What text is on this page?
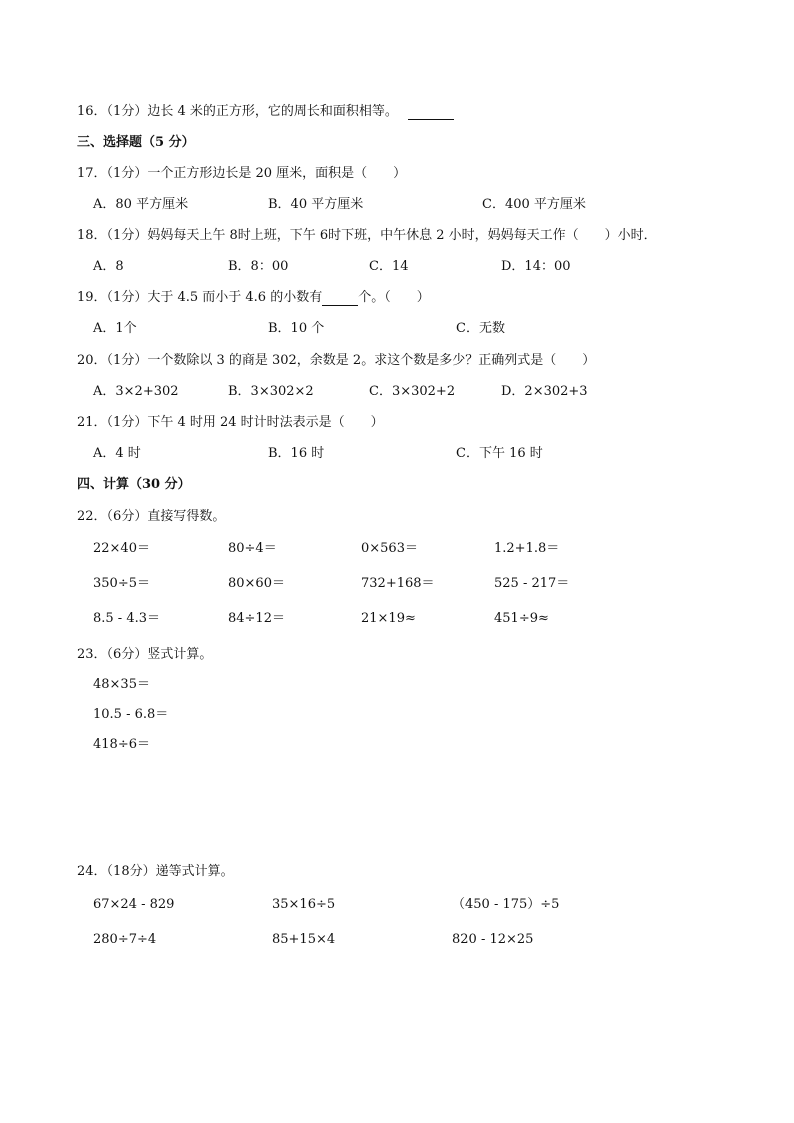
16．（1分）边长 4 米的正方形，它的周长和面积相等。
三、选择题（5 分）
17．（1分）一个正方形边长是 20 厘米，面积是（　　）
A．80 平方厘米	B．40 平方厘米	C．400 平方厘米
18．（1分）妈妈每天上午 8时上班，下午 6时下班，中午休息 2 小时，妈妈每天工作（　　）小时．
A．8	B．8：00	C．14	D．14：00
19．（1分）大于 4.5 而小于 4.6 的小数有	个。（　　）
A．1个	B．10 个	C．无数
20．（1分）一个数除以 3 的商是 302，余数是 2。求这个数是多少？正确列式是（　　）
A．3×2+302	B．3×302×2	C．3×302+2	D．2×302+3
21．（1分）下午 4 时用 24 时计时法表示是（　　）
A．4 时	B．16 时	C．下午 16 时
四、计算（30 分）
22．（6分）直接写得数。
22×40＝	80÷4＝	0×563＝	1.2+1.8＝
350÷5＝	80×60＝	732+168＝	525 - 217＝
8.5 - 4.3＝	84÷12＝	21×19≈	451÷9≈
23．（6分）竖式计算。
48×35＝
10.5 - 6.8＝
418÷6＝
24．（18分）递等式计算。
67×24 - 829	35×16÷5	（450 - 175）÷5
280÷7÷4	85+15×4	820 - 12×25
